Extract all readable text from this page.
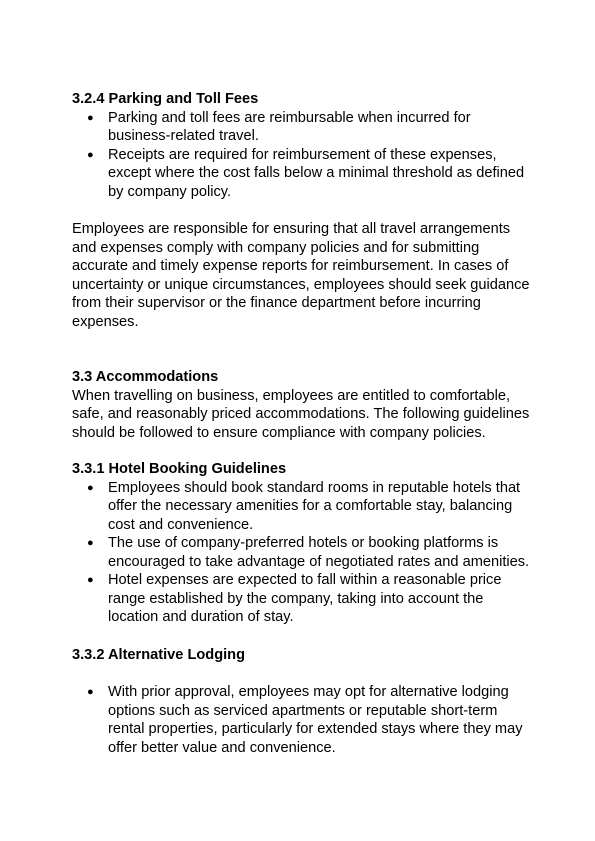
3.2.4 Parking and Toll Fees

● Parking and toll fees are reimbursable when incurred for business-related travel.
● Receipts are required for reimbursement of these expenses, except where the cost falls below a minimal threshold as defined by company policy.

Employees are responsible for ensuring that all travel arrangements and expenses comply with company policies and for submitting accurate and timely expense reports for reimbursement. In cases of uncertainty or unique circumstances, employees should seek guidance from their supervisor or the finance department before incurring expenses.

3.3 Accommodations

When travelling on business, employees are entitled to comfortable, safe, and reasonably priced accommodations. The following guidelines should be followed to ensure compliance with company policies.

3.3.1 Hotel Booking Guidelines

● Employees should book standard rooms in reputable hotels that offer the necessary amenities for a comfortable stay, balancing cost and convenience.
● The use of company-preferred hotels or booking platforms is encouraged to take advantage of negotiated rates and amenities.
● Hotel expenses are expected to fall within a reasonable price range established by the company, taking into account the location and duration of stay.

3.3.2 Alternative Lodging

● With prior approval, employees may opt for alternative lodging options such as serviced apartments or reputable short-term rental properties, particularly for extended stays where they may offer better value and convenience.
